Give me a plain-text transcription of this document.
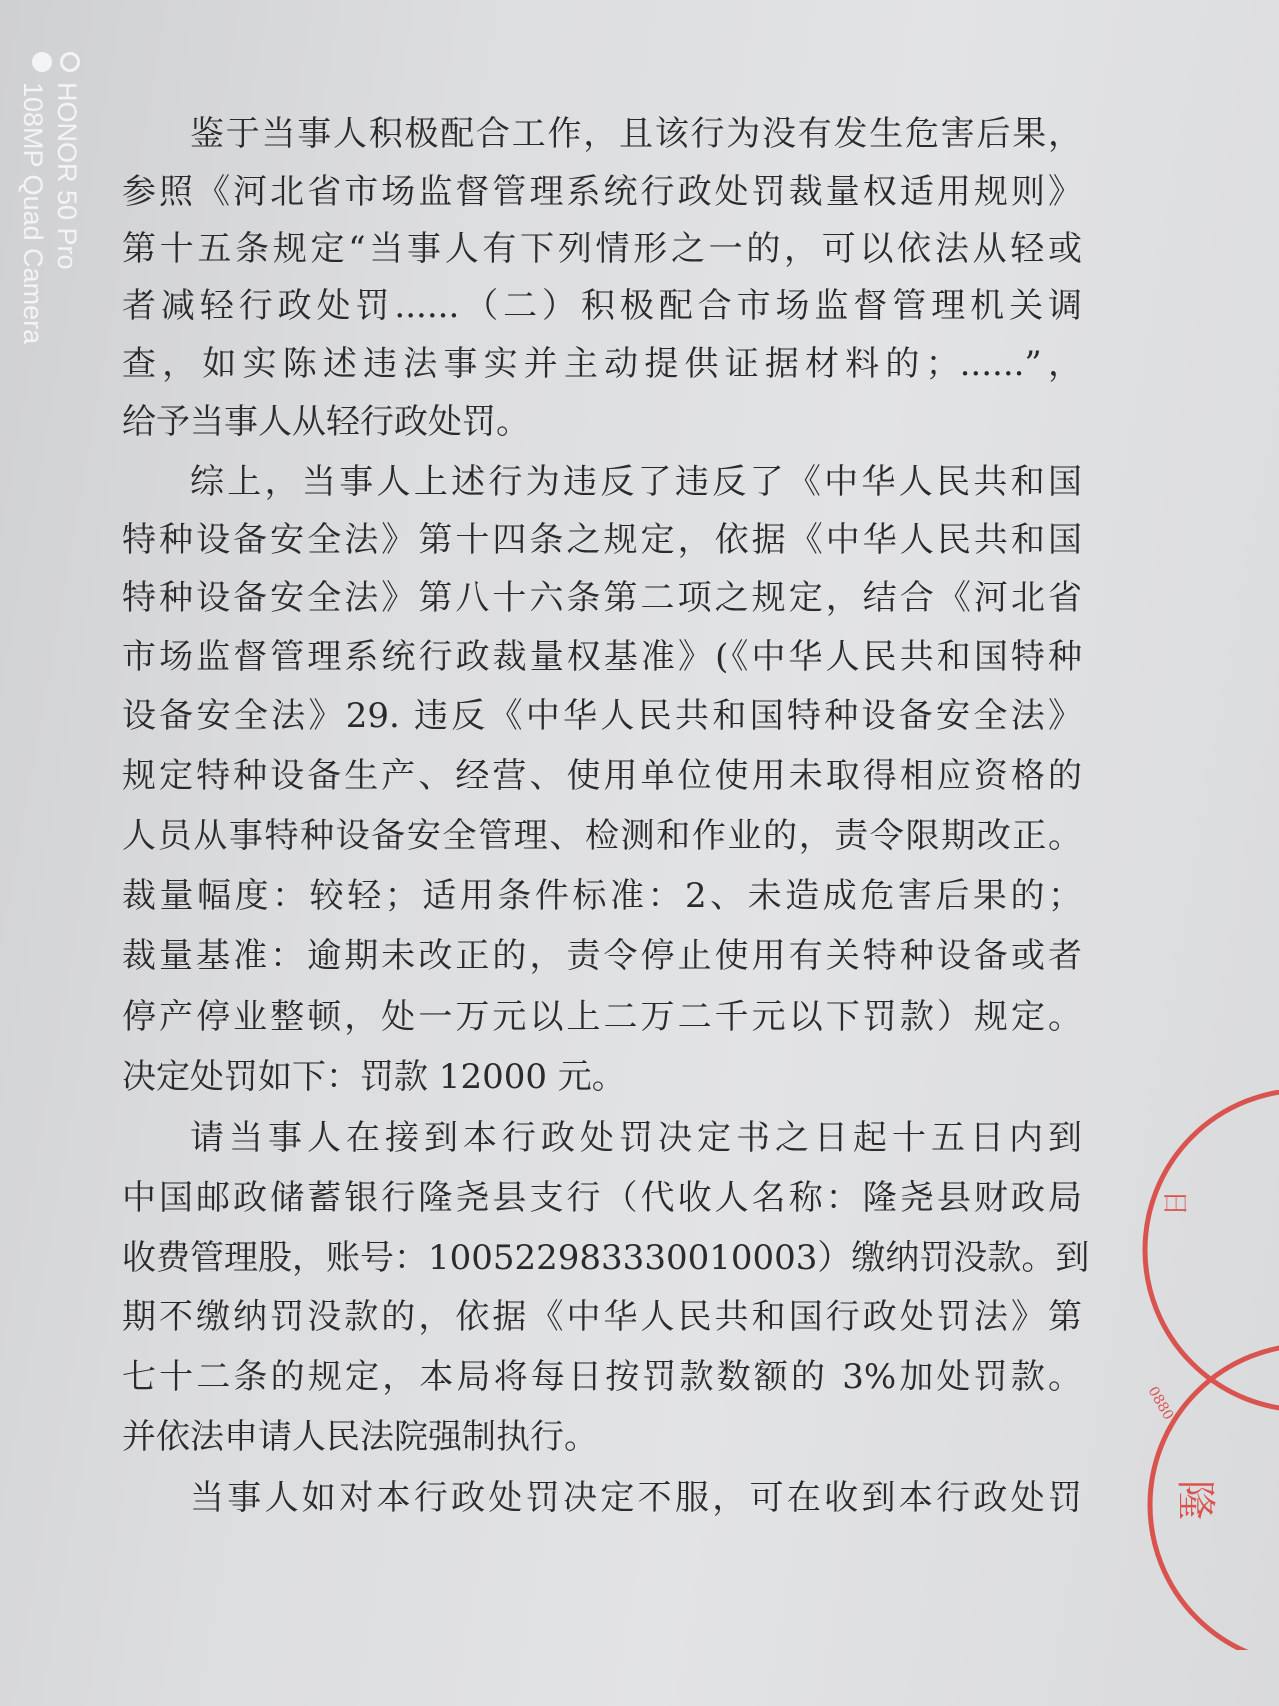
HONOR 50 Pro
108MP Quad Camera	鉴于当事人积极配合工作，且该行为没有发生危害后果，
参照《河北省市场监督管理系统行政处罚裁量权适用规则》
第十五条规定“当事人有下列情形之一的，可以依法从轻或
者减轻行政处罚......（二）积极配合市场监督管理机关调
查，如实陈述违法事实并主动提供证据材料的；......”，
给予当事人从轻行政处罚。
综上，当事人上述行为违反了违反了《中华人民共和国
特种设备安全法》第十四条之规定，依据《中华人民共和国
特种设备安全法》第八十六条第二项之规定，结合《河北省
市场监督管理系统行政裁量权基准》(《中华人民共和国特种
设备安全法》29. 违反《中华人民共和国特种设备安全法》
规定特种设备生产、经营、使用单位使用未取得相应资格的
人员从事特种设备安全管理、检测和作业的，责令限期改正。
裁量幅度：较轻；适用条件标准：2、未造成危害后果的；
裁量基准：逾期未改正的，责令停止使用有关特种设备或者
停产停业整顿，处一万元以上二万二千元以下罚款）规定。
决定处罚如下：罚款 12000 元。
请当事人在接到本行政处罚决定书之日起十五日内到
中国邮政储蓄银行隆尧县支行（代收人名称：隆尧县财政局
收费管理股，账号：100522983330010003）缴纳罚没款。到
期不缴纳罚没款的，依据《中华人民共和国行政处罚法》第
七十二条的规定，本局将每日按罚款数额的 3%加处罚款。
并依法申请人民法院强制执行。
当事人如对本行政处罚决定不服，可在收到本行政处罚
日
0880
隆
